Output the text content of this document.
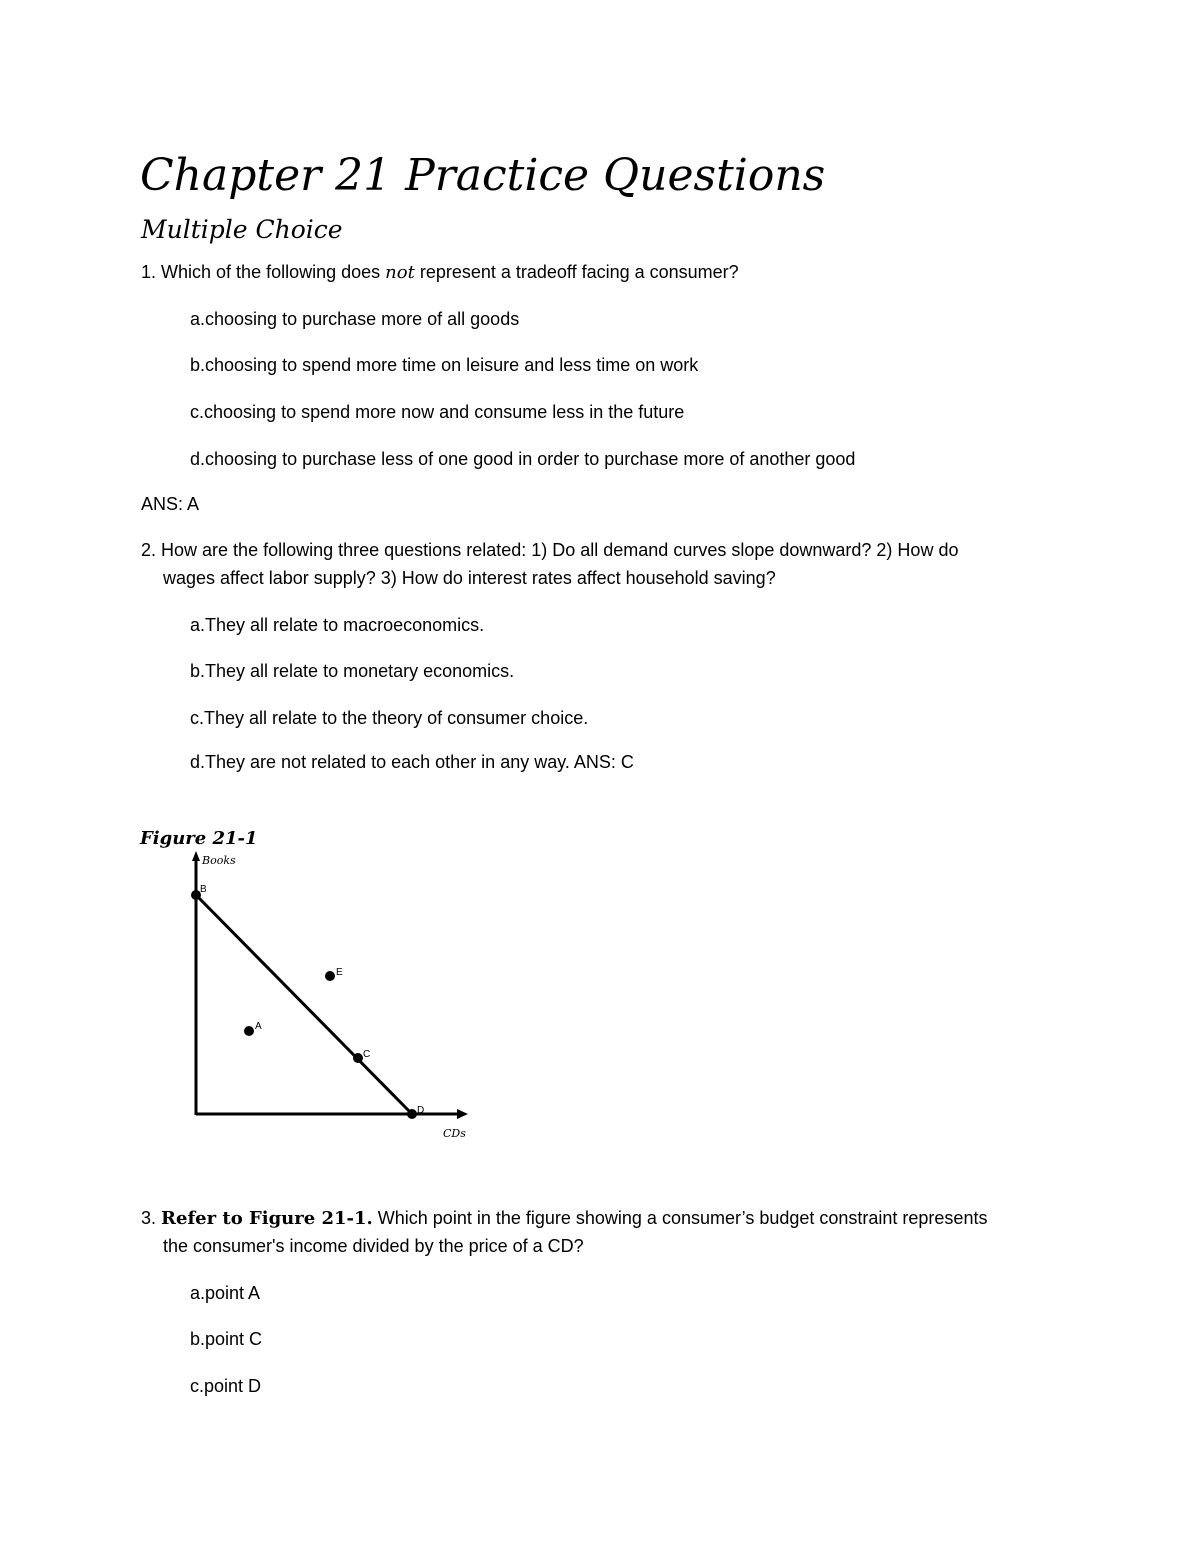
Chapter 21 Practice Questions
Multiple Choice
1. Which of the following does not represent a tradeoff facing a consumer?
a.choosing to purchase more of all goods
b.choosing to spend more time on leisure and less time on work
c.choosing to spend more now and consume less in the future
d.choosing to purchase less of one good in order to purchase more of another good
ANS: A
2. How are the following three questions related: 1) Do all demand curves slope downward? 2) How do
wages affect labor supply? 3) How do interest rates affect household saving?
a.They all relate to macroeconomics.
b.They all relate to monetary economics.
c.They all relate to the theory of consumer choice.
d.They are not related to each other in any way. ANS: C
Figure 21-1
Books
CDs
B
E
A
C
D
3. Refer to Figure 21-1. Which point in the figure showing a consumer’s budget constraint represents
the consumer's income divided by the price of a CD?
a.point A
b.point C
c.point D
